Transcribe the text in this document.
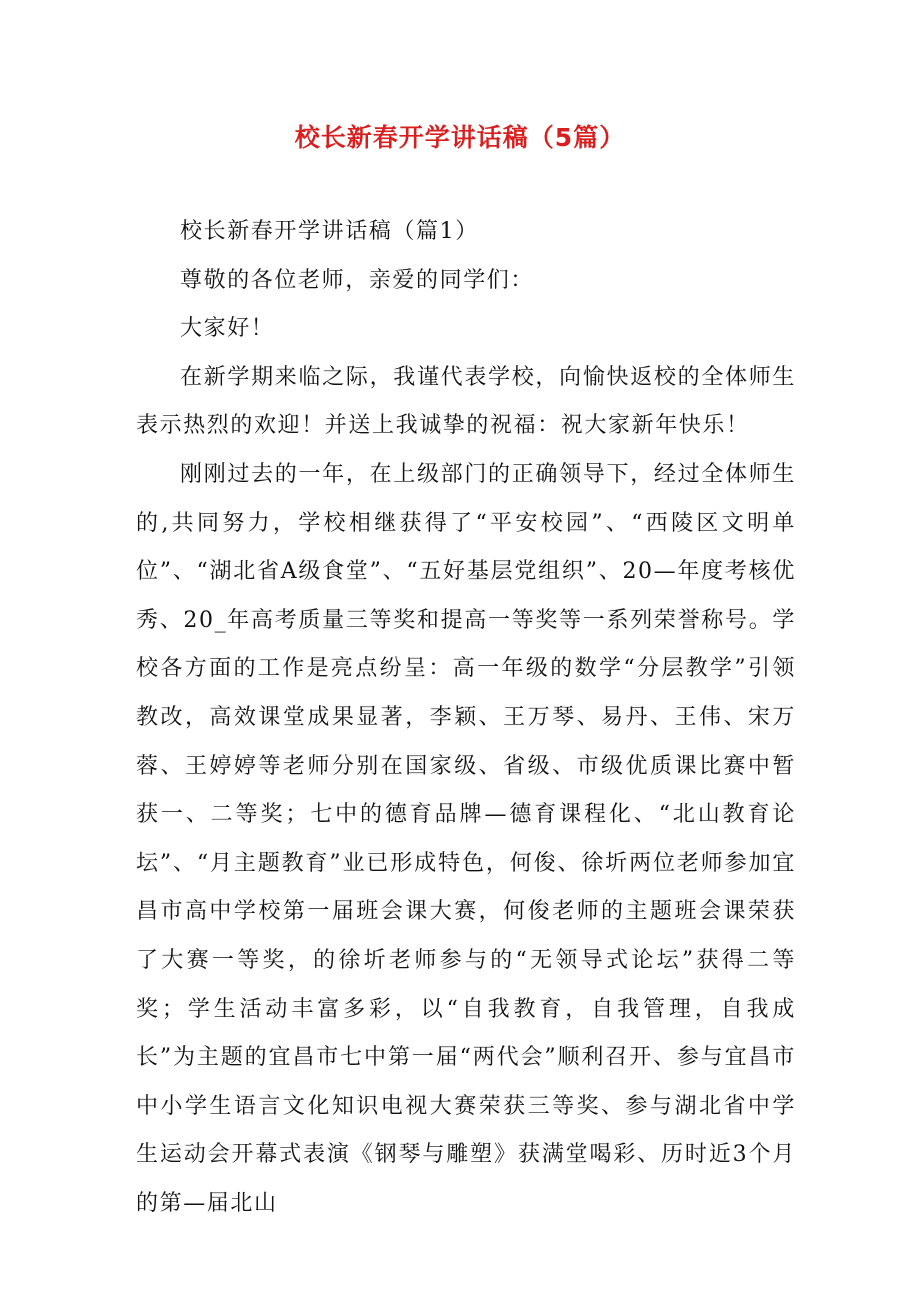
校长新春开学讲话稿（5篇）

校长新春开学讲话稿（篇1）

尊敬的各位老师，亲爱的同学们：

大家好！

在新学期来临之际，我谨代表学校，向愉快返校的全体师生表示热烈的欢迎！并送上我诚挚的祝福：祝大家新年快乐！

刚刚过去的一年，在上级部门的正确领导下，经过全体师生的,共同努力，学校相继获得了“平安校园”、“西陵区文明单位”、“湖北省A级食堂”、“五好基层党组织”、20—年度考核优秀、20_年高考质量三等奖和提高一等奖等一系列荣誉称号。学校各方面的工作是亮点纷呈：高一年级的数学“分层教学”引领教改，高效课堂成果显著，李颖、王万琴、易丹、王伟、宋万蓉、王婷婷等老师分别在国家级、省级、市级优质课比赛中暂获一、二等奖；七中的德育品牌—德育课程化、“北山教育论坛”、“月主题教育”业已形成特色，何俊、徐圻两位老师参加宜昌市高中学校第一届班会课大赛，何俊老师的主题班会课荣获了大赛一等奖，的徐圻老师参与的“无领导式论坛”获得二等奖；学生活动丰富多彩，以“自我教育，自我管理，自我成长”为主题的宜昌市七中第一届“两代会”顺利召开、参与宜昌市中小学生语言文化知识电视大赛荣获三等奖、参与湖北省中学生运动会开幕式表演《钢琴与雕塑》获满堂喝彩、历时近3个月的第—届北山
